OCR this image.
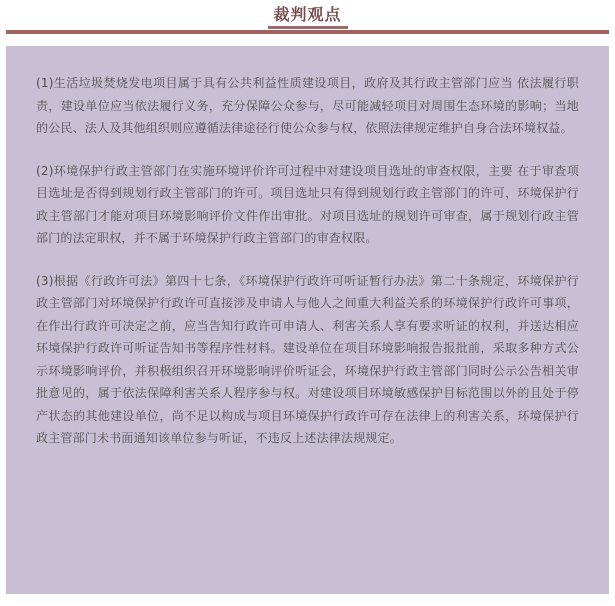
裁判观点

(1)生活垃圾焚烧发电项目属于具有公共利益性质建设项目，政府及其行政主管部门应当 依法履行职责，建设单位应当依法履行义务，充分保障公众参与，尽可能减轻项目对周围生态环境的影响；当地的公民、法人及其他组织则应遵循法律途径行使公众参与权，依照法律规定维护自身合法环境权益。

(2)环境保护行政主管部门在实施环境评价许可过程中对建设项目选址的审查权限，主要 在于审查项目选址是否得到规划行政主管部门的许可。项目选址只有得到规划行政主管部门的许可，环境保护行政主管部门才能对项目环境影响评价文件作出审批。对项目选址的规划许可审查，属于规划行政主管部门的法定职权，并不属于环境保护行政主管部门的审查权限。

(3)根据《行政许可法》第四十七条，《环境保护行政许可听证暂行办法》第二十条规定，环境保护行政主管部门对环境保护行政许可直接涉及申请人与他人之间重大利益关系的环境保护行政许可事项，在作出行政许可决定之前，应当告知行政许可申请人、利害关系人享有要求听证的权利，并送达相应环境保护行政许可听证告知书等程序性材料。建设单位在项目环境影响报告报批前，采取多种方式公示环境影响评价，并积极组织召开环境影响评价听证会，环境保护行政主管部门同时公示公告相关审批意见的，属于依法保障利害关系人程序参与权。对建设项目环境敏感保护目标范围以外的且处于停产状态的其他建设单位，尚不足以构成与项目环境保护行政许可存在法律上的利害关系，环境保护行政主管部门未书面通知该单位参与听证，不违反上述法律法规规定。
